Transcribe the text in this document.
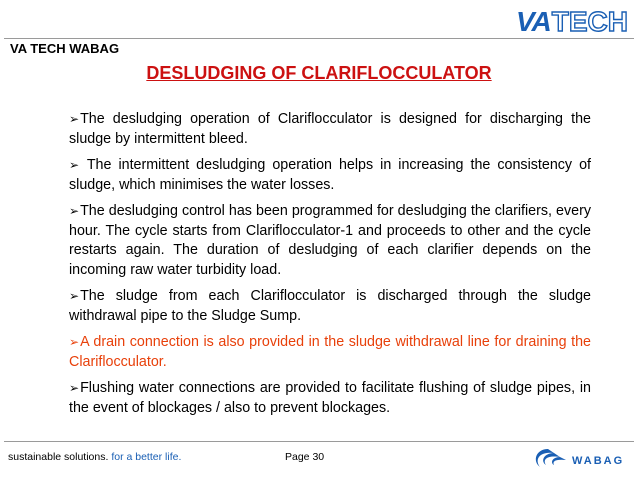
VA TECH
VA TECH WABAG
DESLUDGING OF CLARIFLOCCULATOR
➢The desludging operation of Clariflocculator is designed for discharging the sludge by intermittent bleed.
➢ The intermittent desludging operation helps in increasing the consistency of sludge, which minimises the water losses.
➢The desludging control has been programmed for desludging the clarifiers, every hour. The cycle starts from Clariflocculator-1 and proceeds to other and the cycle restarts again. The duration of desludging of each clarifier depends on the incoming raw water turbidity load.
➢The sludge from each Clariflocculator is discharged through the sludge withdrawal pipe to the Sludge Sump.
➢A drain connection is also provided in the sludge withdrawal line for draining the Clariflocculator.
➢Flushing water connections are provided to facilitate flushing of sludge pipes, in the event of blockages / also to prevent blockages.
sustainable solutions. for a better life.	Page 30	WABAG
